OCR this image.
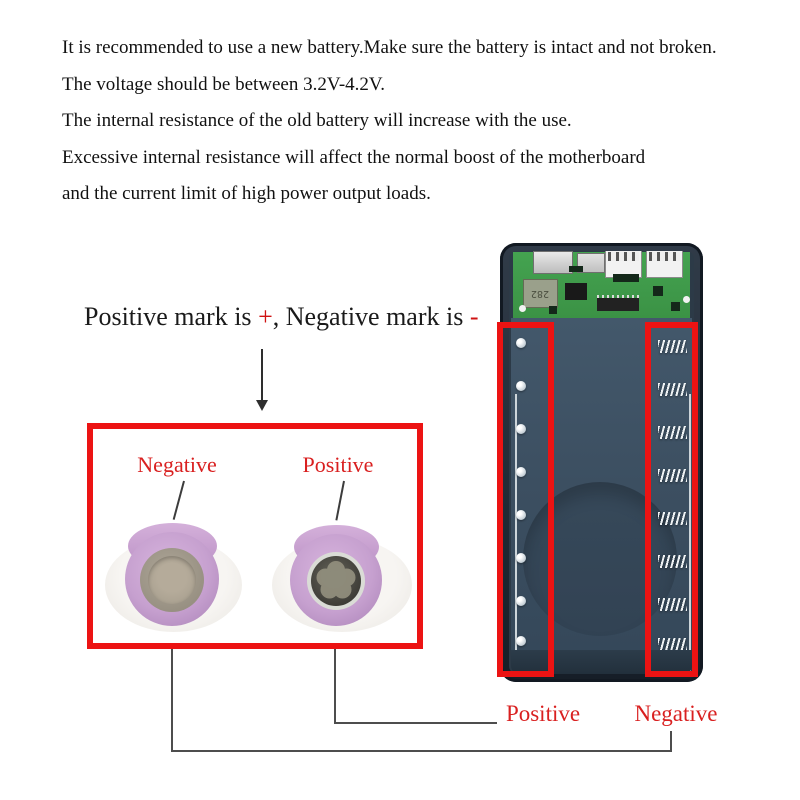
It is recommended to use a new battery.Make sure the battery is intact and not broken.
The voltage should be between 3.2V-4.2V.
The internal resistance of the old battery will increase with the use.
Excessive internal resistance will affect the normal boost of the motherboard
and the current limit of high power output loads.
Positive mark is +, Negative mark is -
Negative	Positive
282
Positive	Negative
